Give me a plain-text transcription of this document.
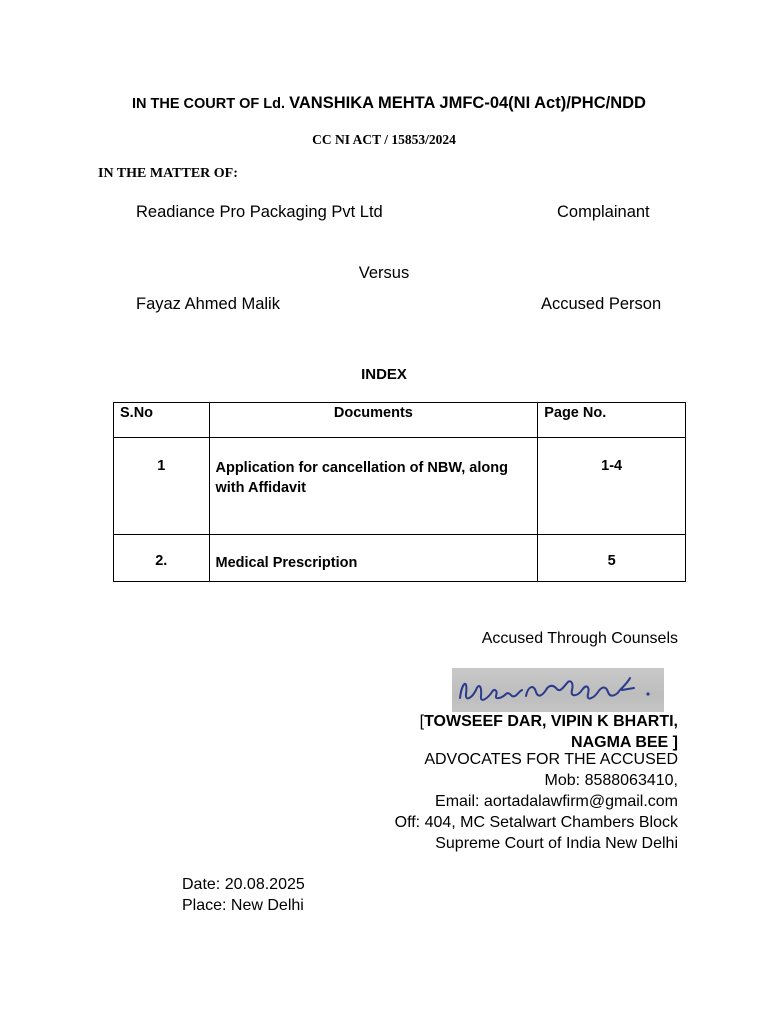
IN THE COURT OF Ld. VANSHIKA MEHTA JMFC-04(NI Act)/PHC/NDD
CC NI ACT / 15853/2024
IN THE MATTER OF:
Readiance Pro Packaging Pvt Ltd	Complainant
Versus
Fayaz Ahmed Malik	Accused Person
INDEX
S.No	Documents	Page No.
1	Application for cancellation of NBW, along with Affidavit	1-4
2.	Medical Prescription	5
Accused Through Counsels
[TOWSEEF DAR, VIPIN K BHARTI,
NAGMA BEE ]
ADVOCATES FOR THE ACCUSED
Mob: 8588063410,
Email: aortadalawfirm@gmail.com
Off: 404, MC Setalwart Chambers Block
Supreme Court of India New Delhi
Date: 20.08.2025
Place: New Delhi
